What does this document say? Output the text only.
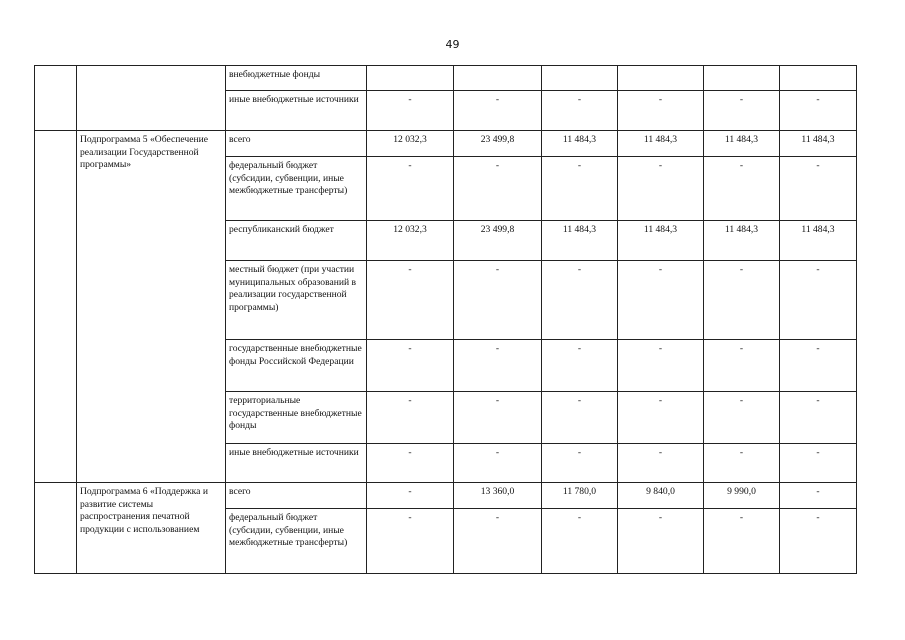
49
		внебюджетные фонды						
		иные внебюджетные источники	-	-	-	-	-	-
	Подпрограмма 5 «Обеспечение реализации Государственной программы»	всего	12 032,3	23 499,8	11 484,3	11 484,3	11 484,3	11 484,3
		федеральный бюджет (субсидии, субвенции, иные межбюджетные трансферты)	-	-	-	-	-	-
		республиканский бюджет	12 032,3	23 499,8	11 484,3	11 484,3	11 484,3	11 484,3
		местный бюджет (при участии муниципальных образований в реализации государственной программы)	-	-	-	-	-	-
		государственные внебюджетные фонды Российской Федерации	-	-	-	-	-	-
		территориальные государственные внебюджетные фонды	-	-	-	-	-	-
		иные внебюджетные источники	-	-	-	-	-	-
	Подпрограмма 6 «Поддержка и развитие системы распространения печатной продукции с использованием	всего	-	13 360,0	11 780,0	9 840,0	9 990,0	-
		федеральный бюджет (субсидии, субвенции, иные межбюджетные трансферты)	-	-	-	-	-	-
